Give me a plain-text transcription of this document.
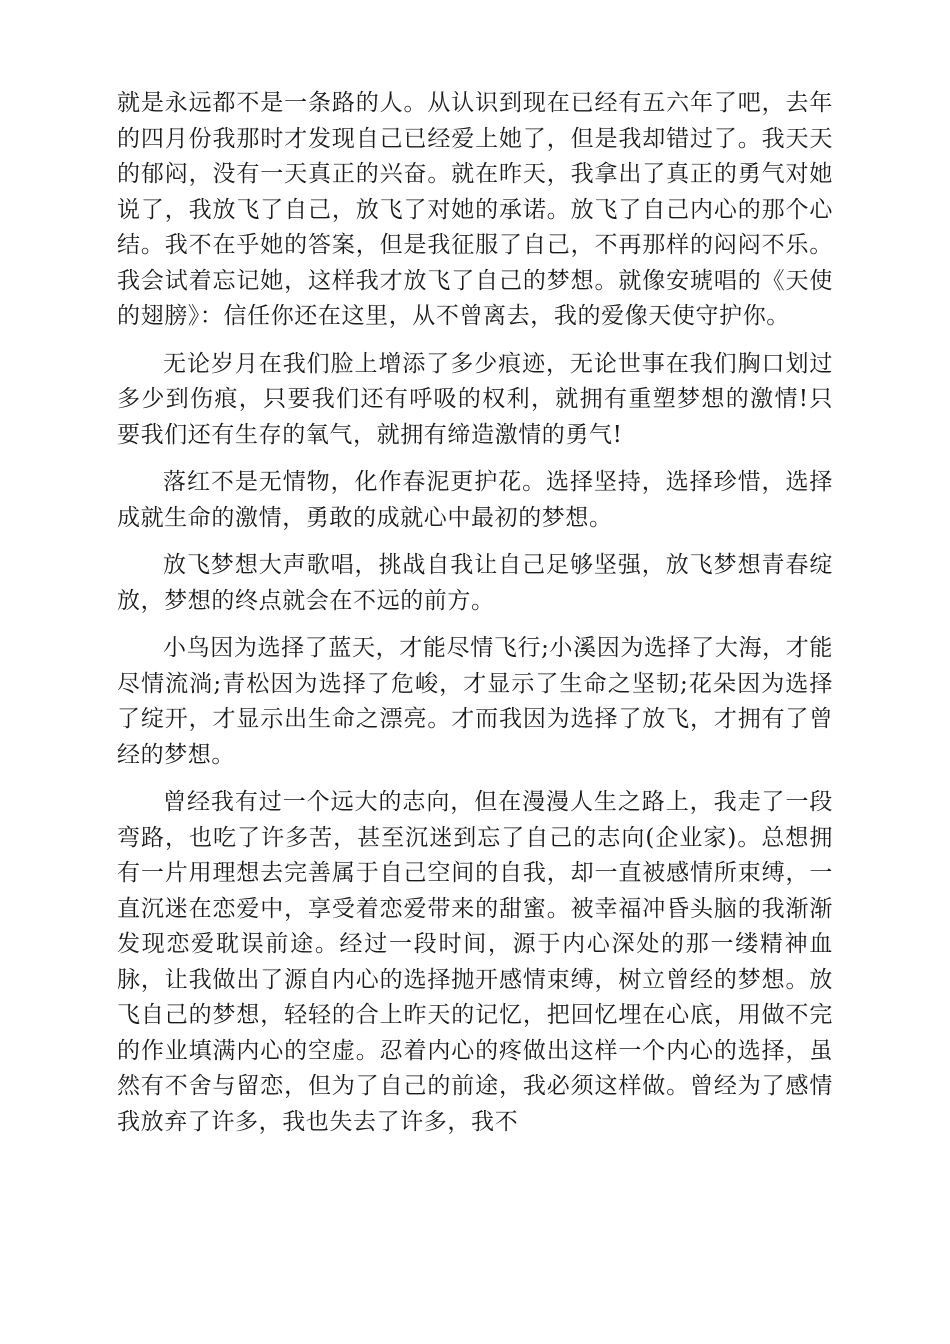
就是永远都不是一条路的人。从认识到现在已经有五六年了吧，去年的四月份我那时才发现自己已经爱上她了，但是我却错过了。我天天的郁闷，没有一天真正的兴奋。就在昨天，我拿出了真正的勇气对她说了，我放飞了自己，放飞了对她的承诺。放飞了自己内心的那个心结。我不在乎她的答案，但是我征服了自己，不再那样的闷闷不乐。我会试着忘记她，这样我才放飞了自己的梦想。就像安琥唱的《天使的翅膀》：信任你还在这里，从不曾离去，我的爱像天使守护你。

无论岁月在我们脸上增添了多少痕迹，无论世事在我们胸口划过多少到伤痕，只要我们还有呼吸的权利，就拥有重塑梦想的激情!只要我们还有生存的氧气，就拥有缔造激情的勇气!

落红不是无情物，化作春泥更护花。选择坚持，选择珍惜，选择成就生命的激情，勇敢的成就心中最初的梦想。

放飞梦想大声歌唱，挑战自我让自己足够坚强，放飞梦想青春绽放，梦想的终点就会在不远的前方。

小鸟因为选择了蓝天，才能尽情飞行;小溪因为选择了大海，才能尽情流淌;青松因为选择了危峻，才显示了生命之坚韧;花朵因为选择了绽开，才显示出生命之漂亮。才而我因为选择了放飞，才拥有了曾经的梦想。

曾经我有过一个远大的志向，但在漫漫人生之路上，我走了一段弯路，也吃了许多苦，甚至沉迷到忘了自己的志向(企业家)。总想拥有一片用理想去完善属于自己空间的自我，却一直被感情所束缚，一直沉迷在恋爱中，享受着恋爱带来的甜蜜。被幸福冲昏头脑的我渐渐发现恋爱耽误前途。经过一段时间，源于内心深处的那一缕精神血脉，让我做出了源自内心的选择抛开感情束缚，树立曾经的梦想。放飞自己的梦想，轻轻的合上昨天的记忆，把回忆埋在心底，用做不完的作业填满内心的空虚。忍着内心的疼做出这样一个内心的选择，虽然有不舍与留恋，但为了自己的前途，我必须这样做。曾经为了感情我放弃了许多，我也失去了许多，我不
